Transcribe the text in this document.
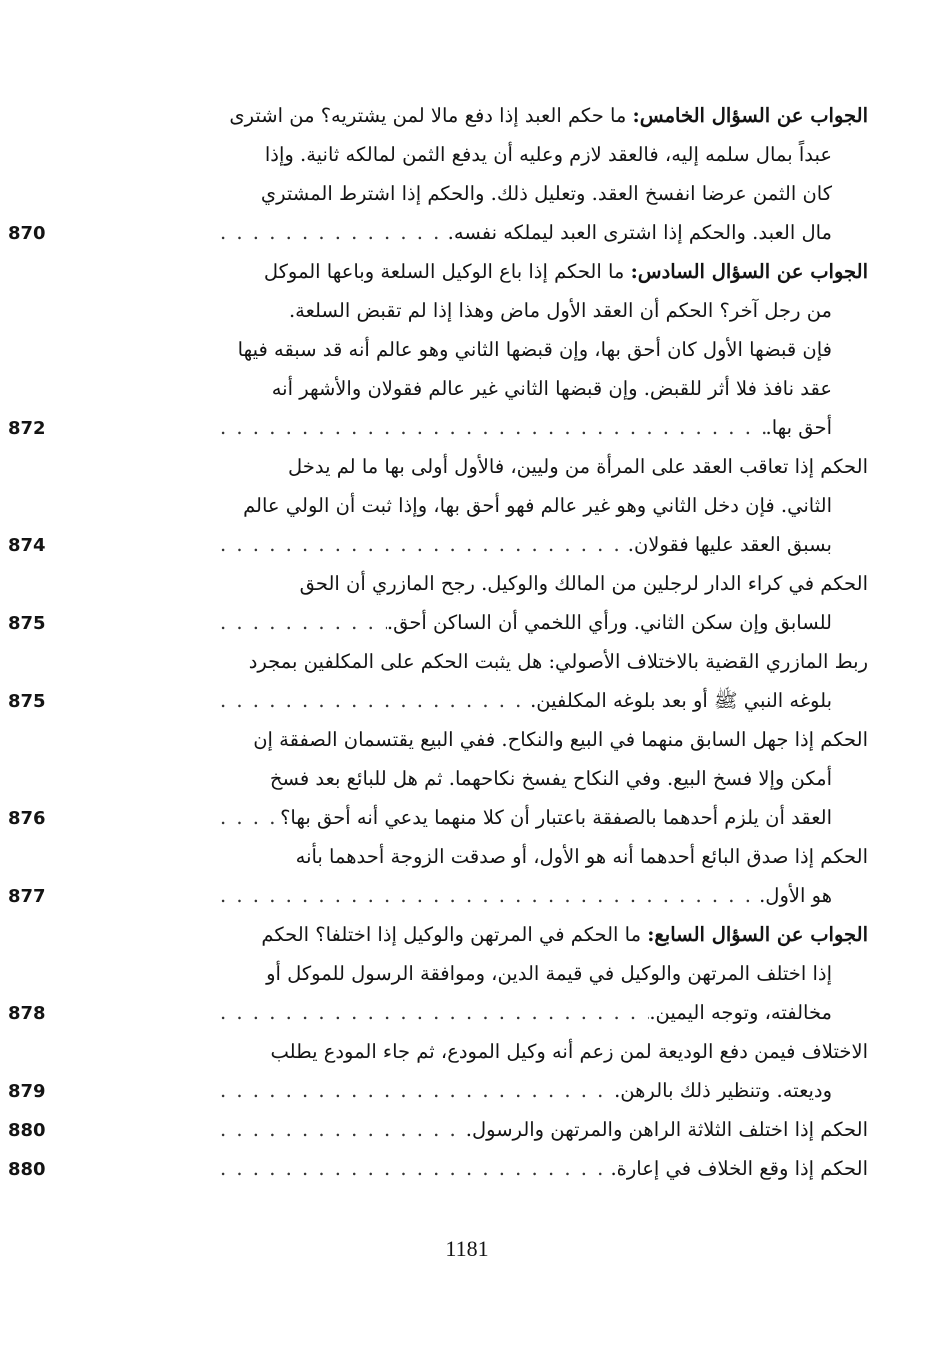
الجواب عن السؤال الخامس: ما حكم العبد إذا دفع مالا لمن يشتريه؟ من اشترى
عبداً بمال سلمه إليه، فالعقد لازم وعليه أن يدفع الثمن لمالكه ثانية. وإذا
كان الثمن عرضا انفسخ العقد. وتعليل ذلك. والحكم إذا اشترط المشتري
مال العبد. والحكم إذا اشترى العبد ليملكه نفسه.
. . .
870
الجواب عن السؤال السادس: ما الحكم إذا باع الوكيل السلعة وباعها الموكل
من رجل آخر؟ الحكم أن العقد الأول ماض وهذا إذا لم تقبض السلعة.
فإن قبضها الأول كان أحق بها، وإن قبضها الثاني وهو عالم أنه قد سبقه فيها
عقد نافذ فلا أثر للقبض. وإن قبضها الثاني غير عالم فقولان والأشهر أنه
أحق بها.
. . .
872
الحكم إذا تعاقب العقد على المرأة من وليين، فالأول أولى بها ما لم يدخل
الثاني. فإن دخل الثاني وهو غير عالم فهو أحق بها، وإذا ثبت أن الولي عالم
بسبق العقد عليها فقولان.
. . .
874
الحكم في كراء الدار لرجلين من المالك والوكيل. رجح المازري أن الحق
للسابق وإن سكن الثاني. ورأي اللخمي أن الساكن أحق.
. . .
875
ربط المازري القضية بالاختلاف الأصولي: هل يثبت الحكم على المكلفين بمجرد
بلوغه النبي ﷺ أو بعد بلوغه المكلفين.
. . .
875
الحكم إذا جهل السابق منهما في البيع والنكاح. ففي البيع يقتسمان الصفقة إن
أمكن وإلا فسخ البيع. وفي النكاح يفسخ نكاحهما. ثم هل للبائع بعد فسخ
العقد أن يلزم أحدهما بالصفقة باعتبار أن كلا منهما يدعي أنه أحق بها؟
. . .
876
الحكم إذا صدق البائع أحدهما أنه هو الأول، أو صدقت الزوجة أحدهما بأنه
هو الأول.
. . .
877
الجواب عن السؤال السابع: ما الحكم في المرتهن والوكيل إذا اختلفا؟ الحكم
إذا اختلف المرتهن والوكيل في قيمة الدين، وموافقة الرسول للموكل أو
مخالفته، وتوجه اليمين.
. . .
878
الاختلاف فيمن دفع الوديعة لمن زعم أنه وكيل المودع، ثم جاء المودع يطلب
وديعته. وتنظير ذلك بالرهن.
. . .
879
الحكم إذا اختلف الثلاثة الراهن والمرتهن والرسول.
. . .
880
الحكم إذا وقع الخلاف في إعارة.
. . .
880
1181
